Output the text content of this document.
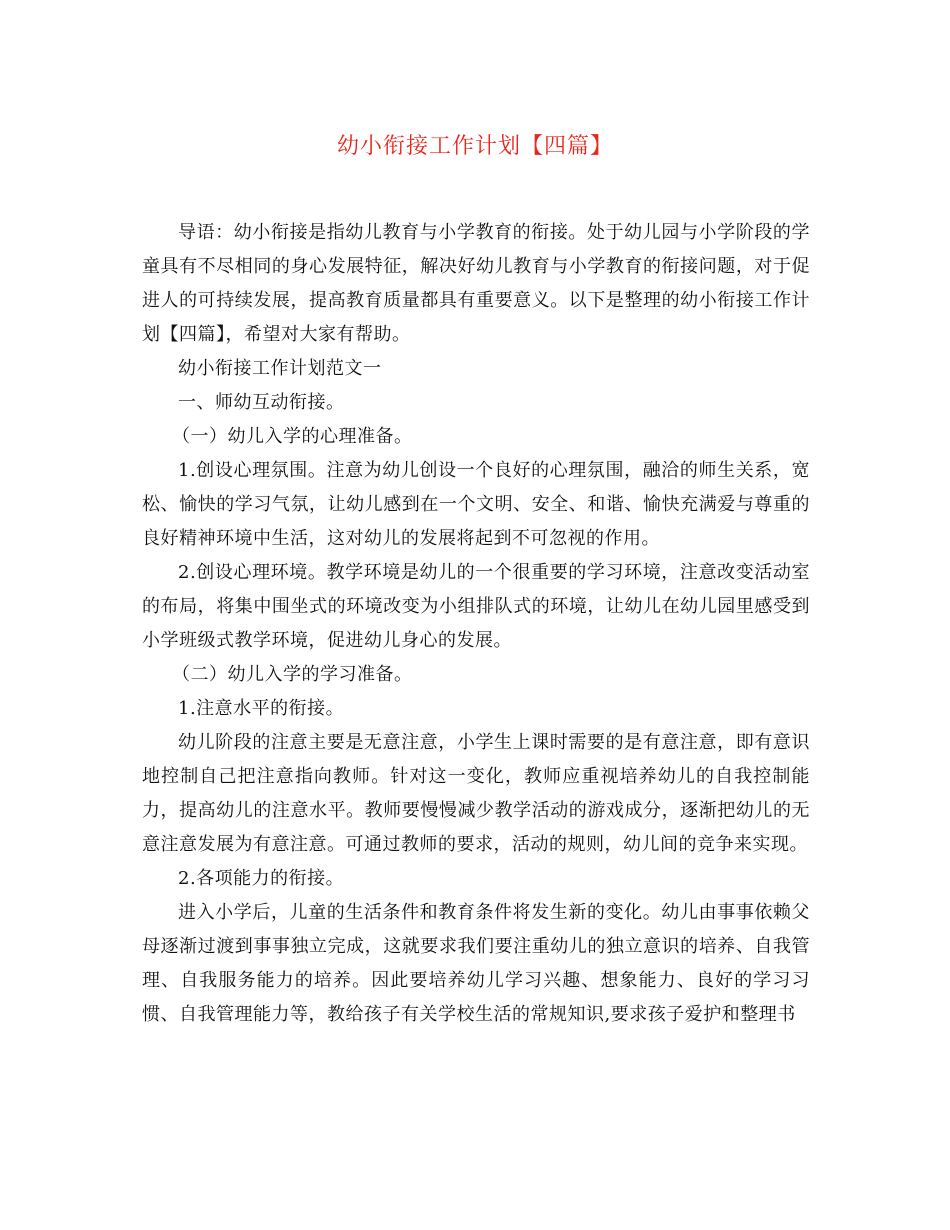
幼小衔接工作计划【四篇】

导语：幼小衔接是指幼儿教育与小学教育的衔接。处于幼儿园与小学阶段的学童具有不尽相同的身心发展特征，解决好幼儿教育与小学教育的衔接问题，对于促进人的可持续发展，提高教育质量都具有重要意义。以下是整理的幼小衔接工作计划【四篇】，希望对大家有帮助。

幼小衔接工作计划范文一

一、师幼互动衔接。

（一）幼儿入学的心理准备。

1.创设心理氛围。注意为幼儿创设一个良好的心理氛围，融洽的师生关系，宽松、愉快的学习气氛，让幼儿感到在一个文明、安全、和谐、愉快充满爱与尊重的良好精神环境中生活，这对幼儿的发展将起到不可忽视的作用。

2.创设心理环境。教学环境是幼儿的一个很重要的学习环境，注意改变活动室的布局，将集中围坐式的环境改变为小组排队式的环境，让幼儿在幼儿园里感受到小学班级式教学环境，促进幼儿身心的发展。

（二）幼儿入学的学习准备。

1.注意水平的衔接。

幼儿阶段的注意主要是无意注意，小学生上课时需要的是有意注意，即有意识地控制自己把注意指向教师。针对这一变化，教师应重视培养幼儿的自我控制能力，提高幼儿的注意水平。教师要慢慢减少教学活动的游戏成分，逐渐把幼儿的无意注意发展为有意注意。可通过教师的要求，活动的规则，幼儿间的竞争来实现。

2.各项能力的衔接。

进入小学后，儿童的生活条件和教育条件将发生新的变化。幼儿由事事依赖父母逐渐过渡到事事独立完成，这就要求我们要注重幼儿的独立意识的培养、自我管理、自我服务能力的培养。因此要培养幼儿学习兴趣、想象能力、良好的学习习惯、自我管理能力等，教给孩子有关学校生活的常规知识,要求孩子爱护和整理书
